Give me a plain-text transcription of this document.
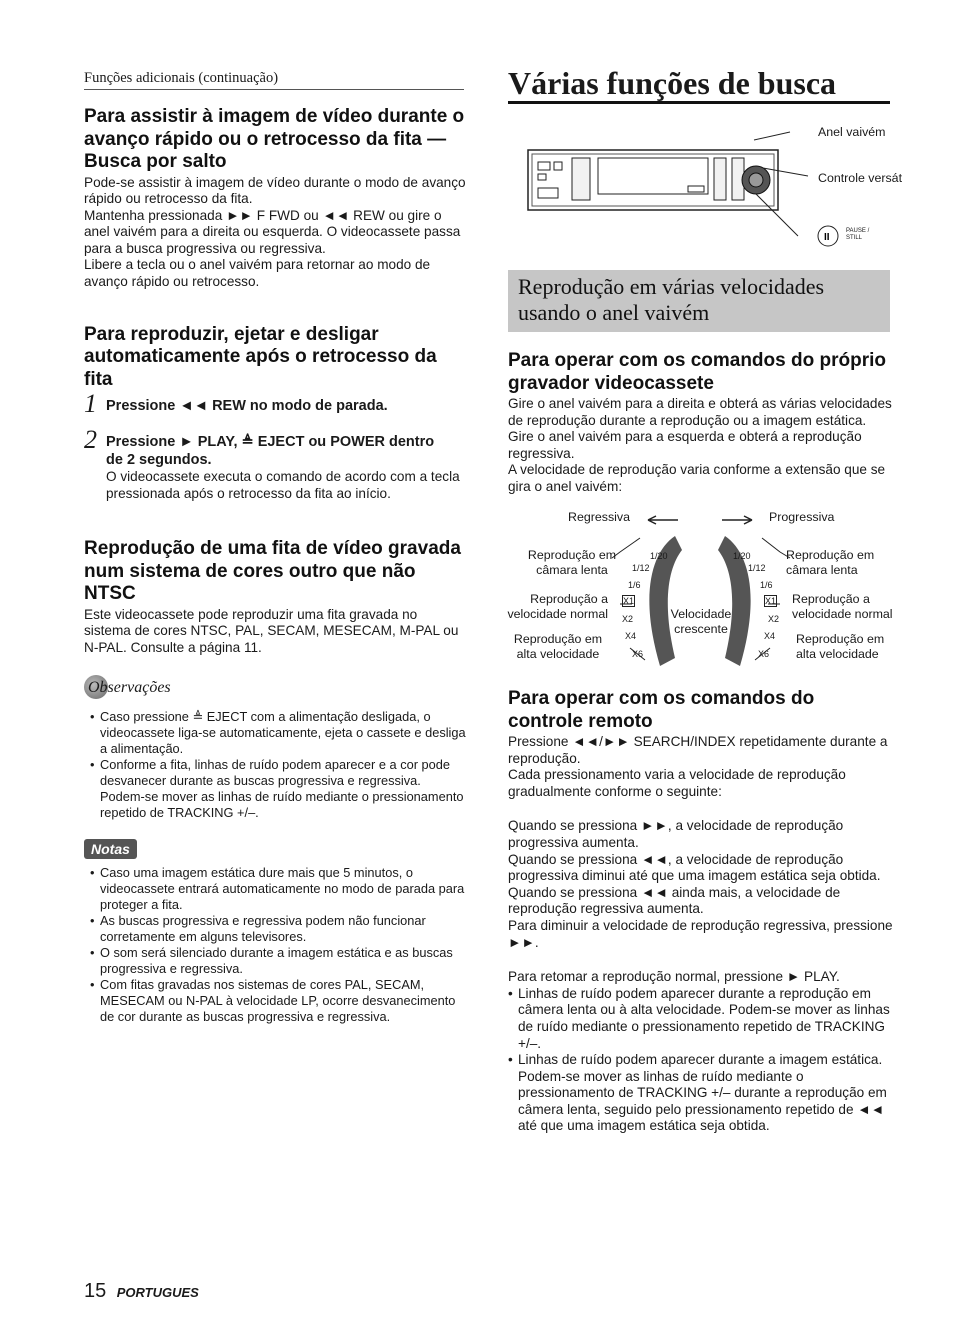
Funções adicionais (continuação)	Várias funções de busca
Para assistir à imagem de vídeo durante o avanço rápido ou o retrocesso da fita — Busca por salto
Pode-se assistir à imagem de vídeo durante o modo de avanço rápido ou retrocesso da fita.
Mantenha pressionada ►► F FWD ou ◄◄ REW ou gire o anel vaivém para a direita ou esquerda. O videocassete passa para a busca progressiva ou regressiva.
Libere a tecla ou o anel vaivém para retornar ao modo de avanço rápido ou retrocesso.
Para reproduzir, ejetar e desligar automaticamente após o retrocesso da fita
1 Pressione ◄◄ REW no modo de parada.
2 Pressione ► PLAY, ≜ EJECT ou POWER dentro de 2 segundos.
O videocassete executa o comando de acordo com a tecla pressionada após o retrocesso da fita ao início.
Reprodução de uma fita de vídeo gravada num sistema de cores outro que não NTSC
Este videocassete pode reproduzir uma fita gravada no sistema de cores NTSC, PAL, SECAM, MESECAM, M-PAL ou N-PAL. Consulte a página 11.
Observações
• Caso pressione ≜ EJECT com a alimentação desligada, o videocassete liga-se automaticamente, ejeta o cassete e desliga a alimentação.
• Conforme a fita, linhas de ruído podem aparecer e a cor pode desvanecer durante as buscas progressiva e regressiva. Podem-se mover as linhas de ruído mediante o pressionamento repetido de TRACKING +/–.
Notas
• Caso uma imagem estática dure mais que 5 minutos, o videocassete entrará automaticamente no modo de parada para proteger a fita.
• As buscas progressiva e regressiva podem não funcionar corretamente em alguns televisores.
• O som será silenciado durante a imagem estática e as buscas progressiva e regressiva.
• Com fitas gravadas nos sistemas de cores PAL, SECAM, MESECAM ou N-PAL à velocidade LP, ocorre desvanecimento de cor durante as buscas progressiva e regressiva.
II
Anel vaivém
Controle versát
PAUSE / STILL
Reprodução em várias velocidades usando o anel vaivém
Para operar com os comandos do próprio gravador videocassete
Gire o anel vaivém para a direita e obterá as várias velocidades de reprodução durante a reprodução ou a imagem estática. Gire o anel vaivém para a esquerda e obterá a reprodução regressiva.
A velocidade de reprodução varia conforme a extensão que se gira o anel vaivém:
Regressiva	Progressiva
Reprodução em câmara lenta
Reprodução em câmara lenta
Reprodução a velocidade normal
Reprodução a velocidade normal
Reprodução em alta velocidade
Reprodução em alta velocidade
Velocidade crescente
1/20
1/12
1/6
X1
X2
X4
X6
1/20
1/12
1/6
X1
X2
X4
X6
Para operar com os comandos do controle remoto
Pressione ◄◄/►► SEARCH/INDEX repetidamente durante a reprodução.
Cada pressionamento varia a velocidade de reprodução gradualmente conforme o seguinte:
Quando se pressiona ►►, a velocidade de reprodução progressiva aumenta.
Quando se pressiona ◄◄, a velocidade de reprodução progressiva diminui até que uma imagem estática seja obtida. Quando se pressiona ◄◄ ainda mais, a velocidade de reprodução regressiva aumenta.
Para diminuir a velocidade de reprodução regressiva, pressione ►►.
Para retomar a reprodução normal, pressione ► PLAY.
• Linhas de ruído podem aparecer durante a reprodução em câmera lenta ou à alta velocidade. Podem-se mover as linhas de ruído mediante o pressionamento repetido de TRACKING +/–.
• Linhas de ruído podem aparecer durante a imagem estática. Podem-se mover as linhas de ruído mediante o pressionamento de TRACKING +/– durante a reprodução em câmera lenta, seguido pelo pressionamento repetido de ◄◄ até que uma imagem estática seja obtida.
15 PORTUGUES
